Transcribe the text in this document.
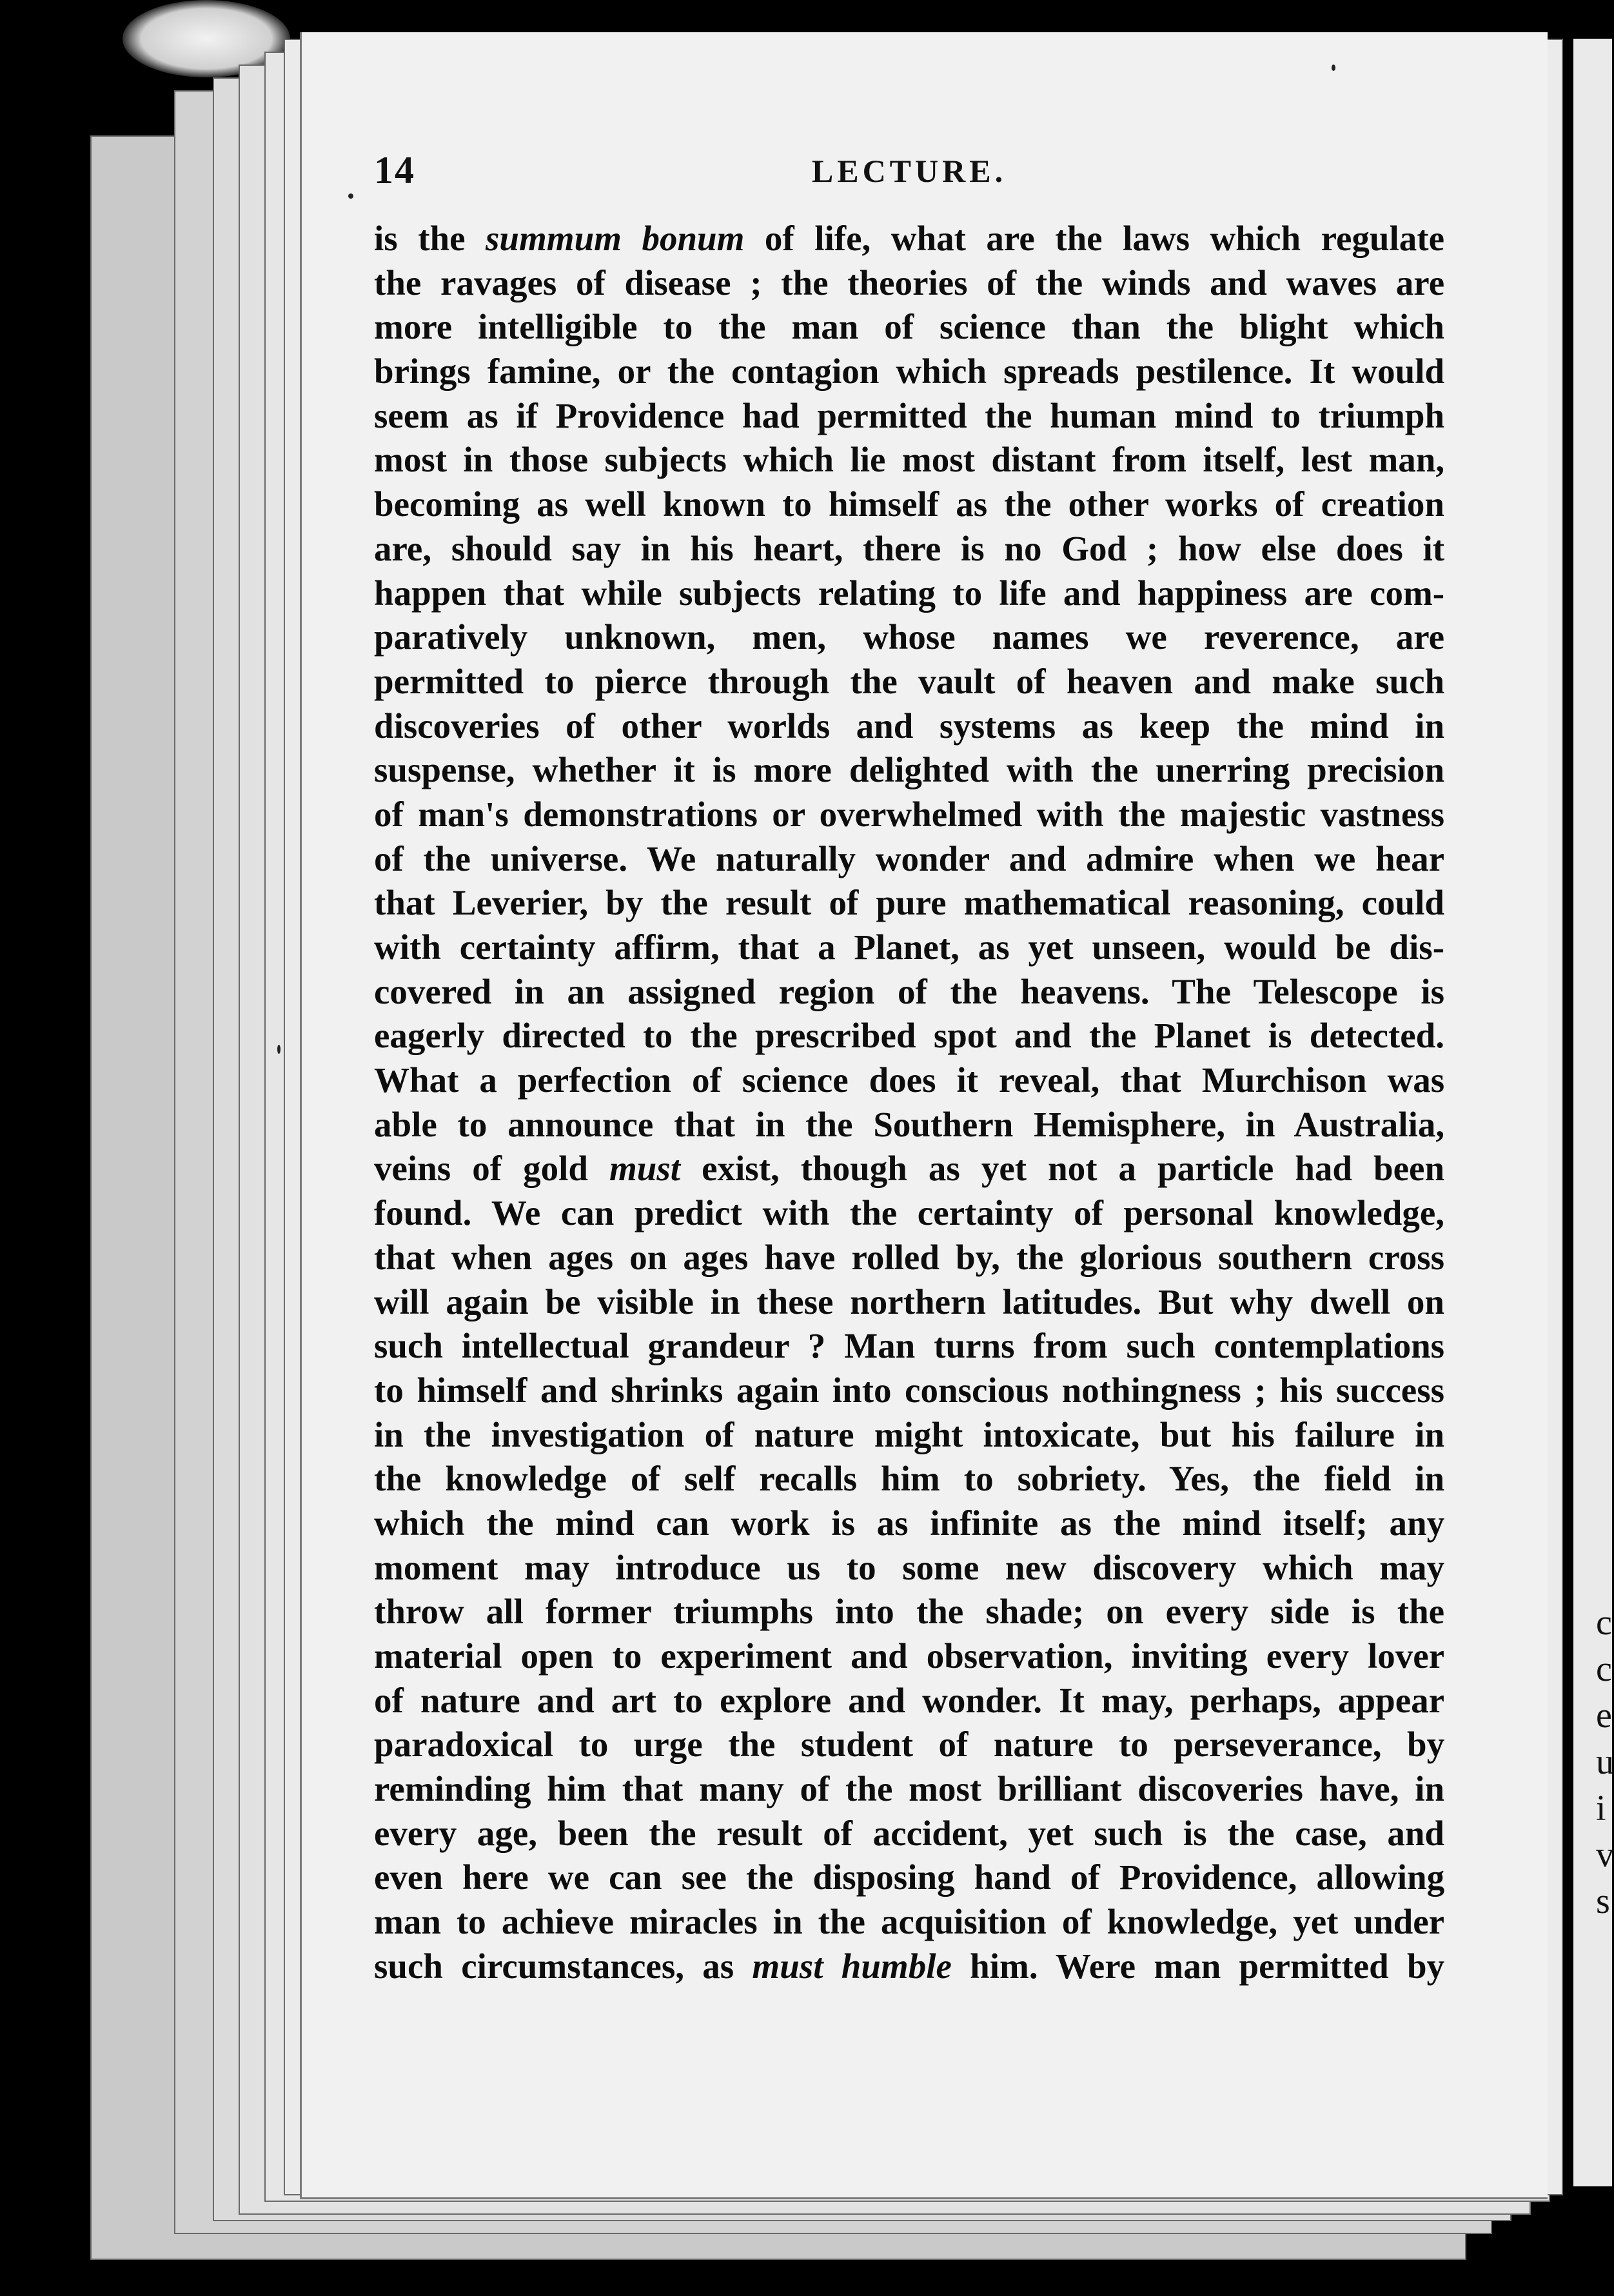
c
c
e
u
i
v
s
14	LECTURE.
is the summum bonum of life, what are the laws which regulate
the ravages of disease ; the theories of the winds and waves are
more intelligible to the man of science than the blight which
brings famine, or the contagion which spreads pestilence. It would
seem as if Providence had permitted the human mind to triumph
most in those subjects which lie most distant from itself, lest man,
becoming as well known to himself as the other works of creation
are, should say in his heart, there is no God ; how else does it
happen that while subjects relating to life and happiness are com-
paratively unknown, men, whose names we reverence, are
permitted to pierce through the vault of heaven and make such
discoveries of other worlds and systems as keep the mind in
suspense, whether it is more delighted with the unerring precision
of man's demonstrations or overwhelmed with the majestic vastness
of the universe. We naturally wonder and admire when we hear
that Leverier, by the result of pure mathematical reasoning, could
with certainty affirm, that a Planet, as yet unseen, would be dis-
covered in an assigned region of the heavens. The Telescope is
eagerly directed to the prescribed spot and the Planet is detected.
What a perfection of science does it reveal, that Murchison was
able to announce that in the Southern Hemisphere, in Australia,
veins of gold must exist, though as yet not a particle had been
found. We can predict with the certainty of personal knowledge,
that when ages on ages have rolled by, the glorious southern cross
will again be visible in these northern latitudes. But why dwell on
such intellectual grandeur ? Man turns from such contemplations
to himself and shrinks again into conscious nothingness ; his success
in the investigation of nature might intoxicate, but his failure in
the knowledge of self recalls him to sobriety. Yes, the field in
which the mind can work is as infinite as the mind itself; any
moment may introduce us to some new discovery which may
throw all former triumphs into the shade; on every side is the
material open to experiment and observation, inviting every lover
of nature and art to explore and wonder. It may, perhaps, appear
paradoxical to urge the student of nature to perseverance, by
reminding him that many of the most brilliant discoveries have, in
every age, been the result of accident, yet such is the case, and
even here we can see the disposing hand of Providence, allowing
man to achieve miracles in the acquisition of knowledge, yet under
such circumstances, as must humble him. Were man permitted by
